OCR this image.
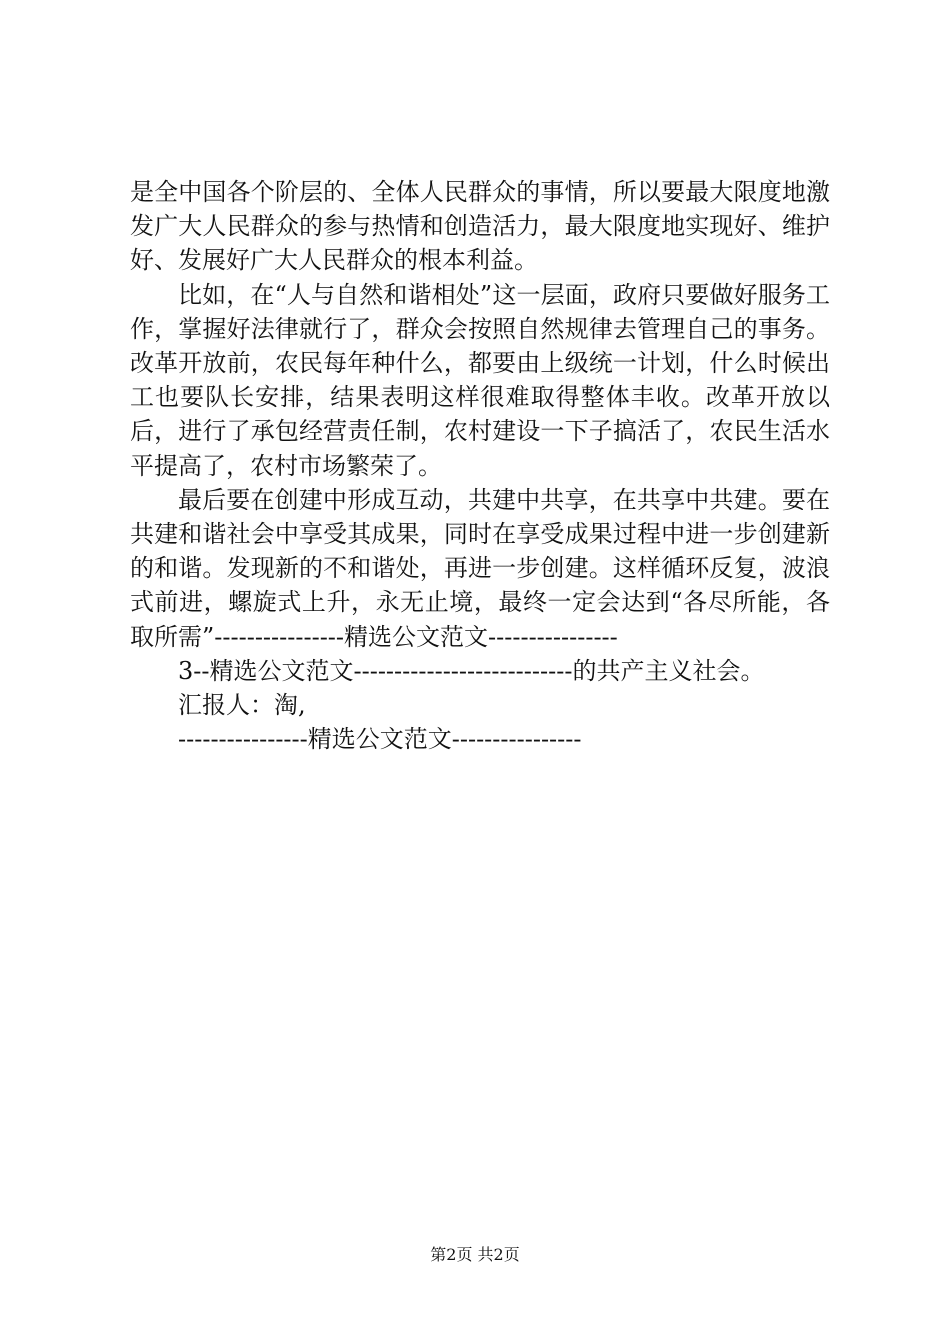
是全中国各个阶层的、全体人民群众的事情，所以要最大限度地激发广大人民群众的参与热情和创造活力，最大限度地实现好、维护好、发展好广大人民群众的根本利益。

比如，在“人与自然和谐相处”这一层面，政府只要做好服务工作，掌握好法律就行了，群众会按照自然规律去管理自己的事务。改革开放前，农民每年种什么，都要由上级统一计划，什么时候出工也要队长安排，结果表明这样很难取得整体丰收。改革开放以后，进行了承包经营责任制，农村建设一下子搞活了，农民生活水平提高了，农村市场繁荣了。

最后要在创建中形成互动，共建中共享，在共享中共建。要在共建和谐社会中享受其成果，同时在享受成果过程中进一步创建新的和谐。发现新的不和谐处，再进一步创建。这样循环反复，波浪式前进，螺旋式上升，永无止境，最终一定会达到“各尽所能，各取所需”----------------精选公文范文----------------

3--精选公文范文---------------------------的共产主义社会。

汇报人：淘,

----------------精选公文范文----------------

第2页 共2页
